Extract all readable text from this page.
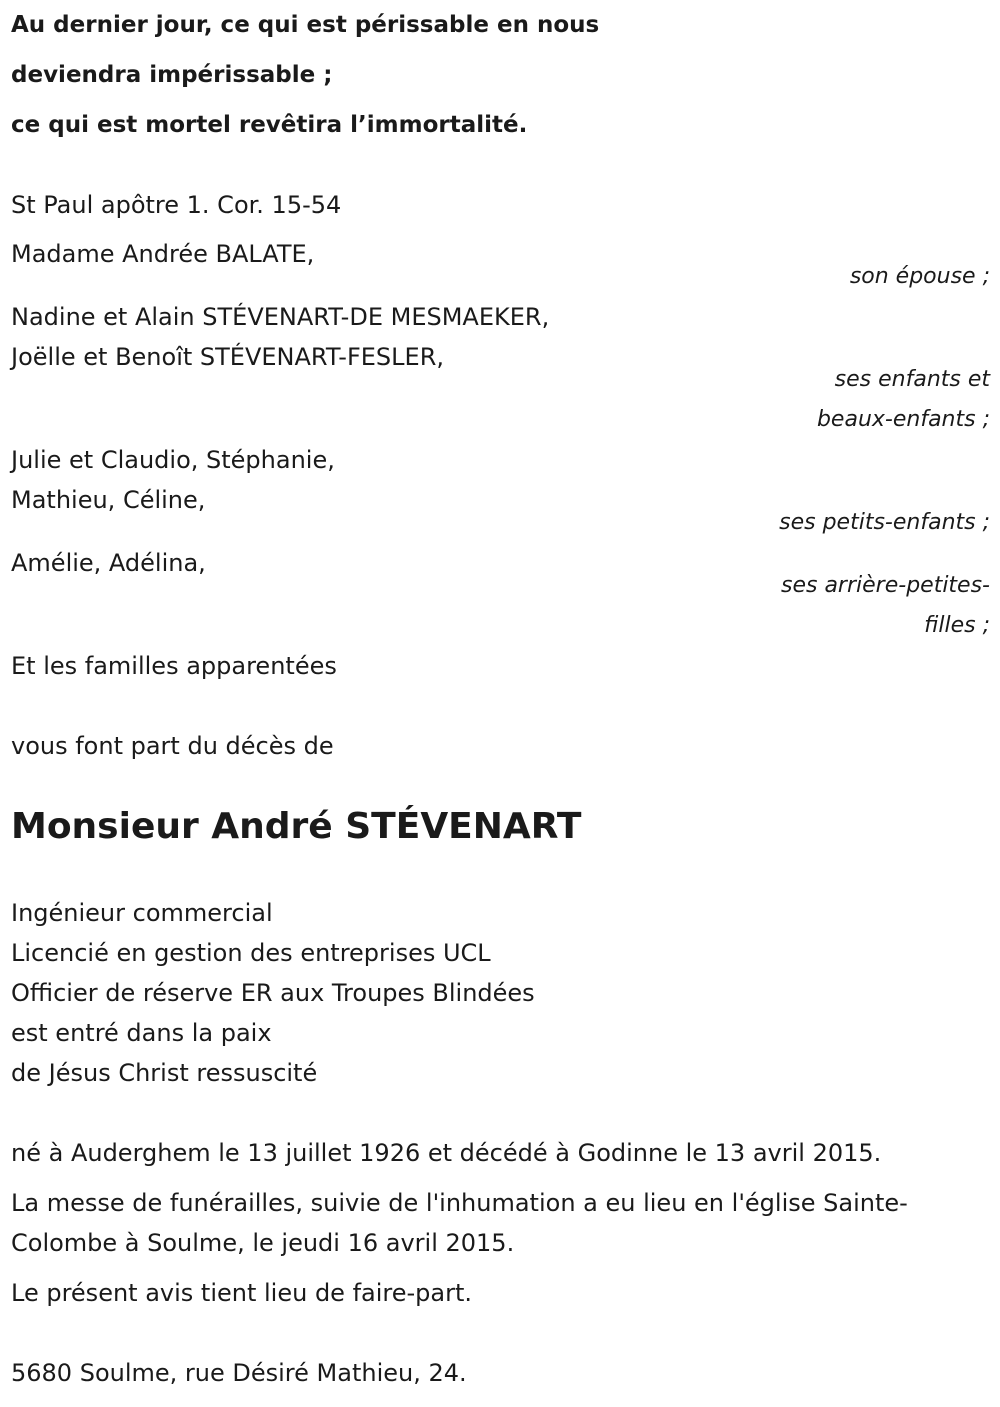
Au dernier jour, ce qui est périssable en nous
deviendra impérissable ;
ce qui est mortel revêtira l’immortalité.
St Paul apôtre 1. Cor. 15-54
Madame Andrée BALATE,
son épouse ;
Nadine et Alain STÉVENART-DE MESMAEKER,
Joëlle et Benoît STÉVENART-FESLER,
ses enfants et
beaux-enfants ;
Julie et Claudio, Stéphanie,
Mathieu, Céline,
ses petits-enfants ;
Amélie, Adélina,
ses arrière-petites-
filles ;
Et les familles apparentées
vous font part du décès de
Monsieur André STÉVENART
Ingénieur commercial
Licencié en gestion des entreprises UCL
Officier de réserve ER aux Troupes Blindées
est entré dans la paix
de Jésus Christ ressuscité
né à Auderghem le 13 juillet 1926 et décédé à Godinne le 13 avril 2015.
La messe de funérailles, suivie de l'inhumation a eu lieu en l'église Sainte-
Colombe à Soulme, le jeudi 16 avril 2015.
Le présent avis tient lieu de faire-part.
5680 Soulme, rue Désiré Mathieu, 24.
